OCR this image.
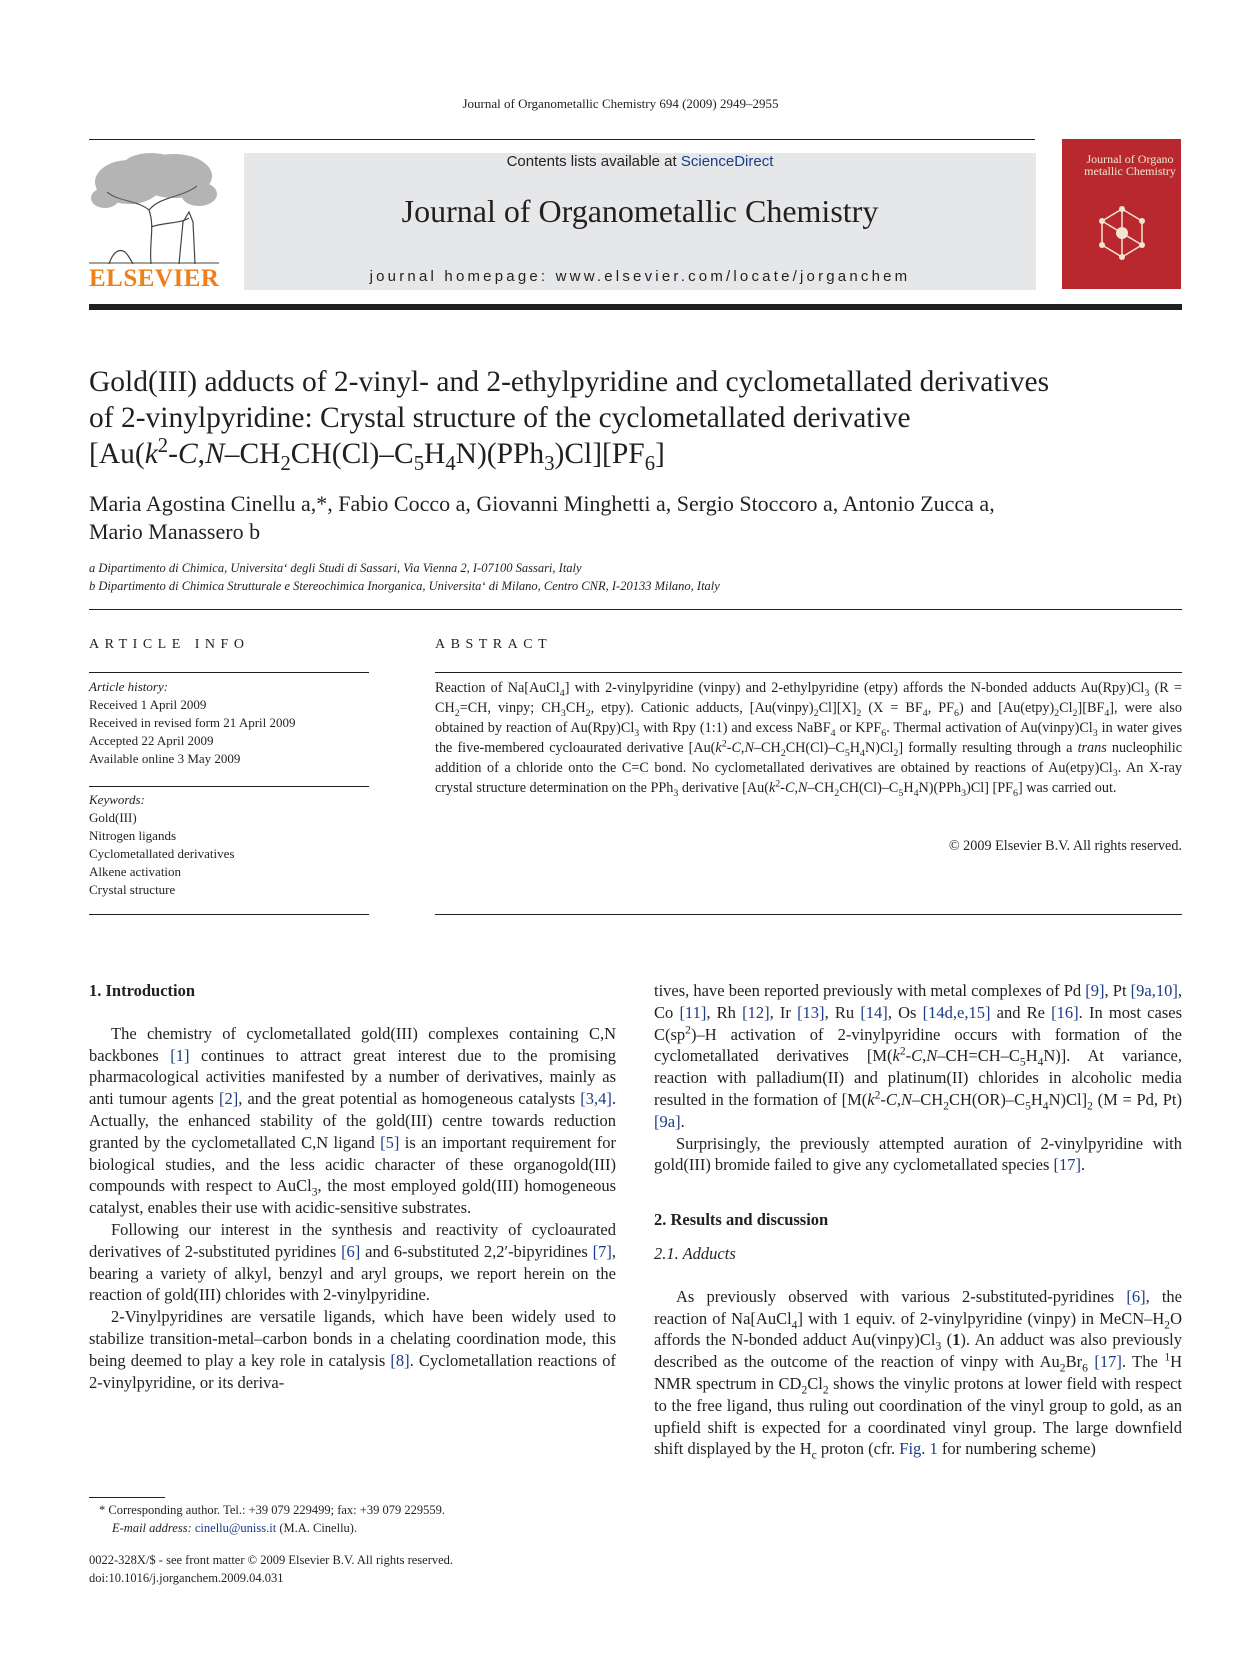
Journal of Organometallic Chemistry 694 (2009) 2949–2955
ELSEVIER
Contents lists available at ScienceDirect
Journal of Organometallic Chemistry
journal homepage: www.elsevier.com/locate/jorganchem
Journal of Organo metallic Chemistry
Gold(III) adducts of 2-vinyl- and 2-ethylpyridine and cyclometallated derivatives
of 2-vinylpyridine: Crystal structure of the cyclometallated derivative
$[Au(k^2-C,N-CH_2CH(Cl)-C_5H_4N)(PPh_3)Cl][PF_6]$
Maria Agostina Cinellu a,*, Fabio Cocco a, Giovanni Minghetti a, Sergio Stoccoro a, Antonio Zucca a,
Mario Manassero b
a Dipartimento di Chimica, Universita‘ degli Studi di Sassari, Via Vienna 2, I-07100 Sassari, Italy
b Dipartimento di Chimica Strutturale e Stereochimica Inorganica, Universita‘ di Milano, Centro CNR, I-20133 Milano, Italy
ARTICLE INFO
Article history:
Received 1 April 2009
Received in revised form 21 April 2009
Accepted 22 April 2009
Available online 3 May 2009
Keywords:
Gold(III)
Nitrogen ligands
Cyclometallated derivatives
Alkene activation
Crystal structure
ABSTRACT
Reaction of Na[AuCl$_4$] with 2-vinylpyridine (vinpy) and 2-ethylpyridine (etpy) affords the N-bonded adducts $Au(Rpy)Cl_3$ ($R = CH_2=CH$, vinpy; $CH_3CH_2$, etpy). Cationic adducts, $[Au(vinpy)_2Cl][X]_2$ ($X = BF_4$, $PF_6$) and $[Au(etpy)_2Cl_2][BF_4]$, were also obtained by reaction of $Au(Rpy)Cl_3$ with Rpy (1:1) and excess NaBF$_4$ or $KPF_6$. Thermal activation of $Au(vinpy)Cl_3$ in water gives the five-membered cycloaurated derivative $[Au(k^2-C,N-CH_2CH(Cl)-C_5H_4N)Cl_2]$ formally resulting through a trans nucleophilic addition of a chloride onto the C=C bond. No cyclometallated derivatives are obtained by reactions of $Au(etpy)Cl_3$. An X-ray crystal structure determination on the PPh$_3$ derivative $[Au(k^2-C,N-CH_2CH(Cl)-C_5H_4N)(PPh_3)Cl]$ $[PF_6]$ was carried out.
© 2009 Elsevier B.V. All rights reserved.
1. Introduction

The chemistry of cyclometallated gold(III) complexes containing C,N backbones [1] continues to attract great interest due to the promising pharmacological activities manifested by a number of derivatives, mainly as anti tumour agents [2], and the great potential as homogeneous catalysts [3,4]. Actually, the enhanced stability of the gold(III) centre towards reduction granted by the cyclometallated C,N ligand [5] is an important requirement for biological studies, and the less acidic character of these organogold(III) compounds with respect to AuCl$_3$, the most employed gold(III) homogeneous catalyst, enables their use with acidic-sensitive substrates.

Following our interest in the synthesis and reactivity of cycloaurated derivatives of 2-substituted pyridines [6] and 6-substituted 2,2′-bipyridines [7], bearing a variety of alkyl, benzyl and aryl groups, we report herein on the reaction of gold(III) chlorides with 2-vinylpyridine.

2-Vinylpyridines are versatile ligands, which have been widely used to stabilize transition-metal–carbon bonds in a chelating coordination mode, this being deemed to play a key role in catalysis [8]. Cyclometallation reactions of 2-vinylpyridine, or its deriva-

tives, have been reported previously with metal complexes of Pd [9], Pt [9a,10], Co [11], Rh [12], Ir [13], Ru [14], Os [14d,e,15] and Re [16]. In most cases $C(sp^2)-H$ activation of 2-vinylpyridine occurs with formation of the cyclometallated derivatives $[M(k^2-C,N-CH=CH-C_5H_4N)]$. At variance, reaction with palladium(II) and platinum(II) chlorides in alcoholic media resulted in the formation of $[M(k^2-C,N-CH_2CH(OR)-C_5H_4N)Cl]_2$ (M = Pd, Pt) [9a].

Surprisingly, the previously attempted auration of 2-vinylpyridine with gold(III) bromide failed to give any cyclometallated species [17].

2. Results and discussion
2.1. Adducts

As previously observed with various 2-substituted-pyridines [6], the reaction of Na[AuCl$_4$] with 1 equiv. of 2-vinylpyridine (vinpy) in MeCN–$H_2O$ affords the N-bonded adduct $Au(vinpy)Cl_3$ (1). An adduct was also previously described as the outcome of the reaction of vinpy with $Au_2Br_6$ [17]. The $^1$H NMR spectrum in $CD_2Cl_2$ shows the vinylic protons at lower field with respect to the free ligand, thus ruling out coordination of the vinyl group to gold, as an upfield shift is expected for a coordinated vinyl group. The large downfield shift displayed by the $H_c$ proton (cfr. Fig. 1 for numbering scheme)

* Corresponding author. Tel.: +39 079 229499; fax: +39 079 229559.
E-mail address: cinellu@uniss.it (M.A. Cinellu).
0022-328X/$ - see front matter © 2009 Elsevier B.V. All rights reserved.
doi:10.1016/j.jorganchem.2009.04.031
